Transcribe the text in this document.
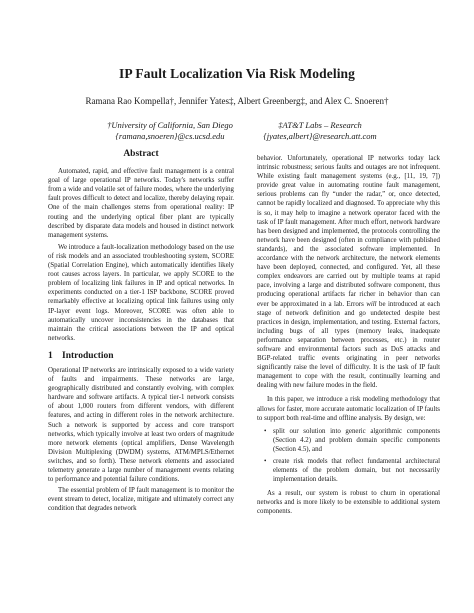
IP Fault Localization Via Risk Modeling
Ramana Rao Kompella†, Jennifer Yates‡, Albert Greenberg‡, and Alex C. Snoeren†
†University of California, San Diego
{ramana,snoeren}@cs.ucsd.edu
‡AT&T Labs – Research
{jyates,albert}@research.att.com
Abstract

Automated, rapid, and effective fault management is a central goal of large operational IP networks. Today's networks suffer from a wide and volatile set of failure modes, where the underlying fault proves difficult to detect and localize, thereby delaying repair. One of the main challenges stems from operational reality: IP routing and the underlying optical fiber plant are typically described by disparate data models and housed in distinct network management systems.

We introduce a fault-localization methodology based on the use of risk models and an associated troubleshooting system, SCORE (Spatial Correlation Engine), which automatically identifies likely root causes across layers. In particular, we apply SCORE to the problem of localizing link failures in IP and optical networks. In experiments conducted on a tier-1 ISP backbone, SCORE proved remarkably effective at localizing optical link failures using only IP-layer event logs. Moreover, SCORE was often able to automatically uncover inconsistencies in the databases that maintain the critical associations between the IP and optical networks.

1 Introduction

Operational IP networks are intrinsically exposed to a wide variety of faults and impairments. These networks are large, geographically distributed and constantly evolving, with complex hardware and software artifacts. A typical tier-1 network consists of about 1,000 routers from different vendors, with different features, and acting in different roles in the network architecture. Such a network is supported by access and core transport networks, which typically involve at least two orders of magnitude more network elements (optical amplifiers, Dense Wavelength Division Multiplexing (DWDM) systems, ATM/MPLS/Ethernet switches, and so forth). These network elements and associated telemetry generate a large number of management events relating to performance and potential failure conditions.

The essential problem of IP fault management is to monitor the event stream to detect, localize, mitigate and ultimately correct any condition that degrades network

behavior. Unfortunately, operational IP networks today lack intrinsic robustness; serious faults and outages are not infrequent. While existing fault management systems (e.g., [11, 19, 7]) provide great value in automating routine fault management, serious problems can fly “under the radar,” or, once detected, cannot be rapidly localized and diagnosed. To appreciate why this is so, it may help to imagine a network operator faced with the task of IP fault management. After much effort, network hardware has been designed and implemented, the protocols controlling the network have been designed (often in compliance with published standards), and the associated software implemented. In accordance with the network architecture, the network elements have been deployed, connected, and configured. Yet, all these complex endeavors are carried out by multiple teams at rapid pace, involving a large and distributed software component, thus producing operational artifacts far richer in behavior than can ever be approximated in a lab. Errors will be introduced at each stage of network definition and go undetected despite best practices in design, implementation, and testing. External factors, including bugs of all types (memory leaks, inadequate performance separation between processes, etc.) in router software and environmental factors such as DoS attacks and BGP-related traffic events originating in peer networks significantly raise the level of difficulty. It is the task of IP fault management to cope with the result, continually learning and dealing with new failure modes in the field.

In this paper, we introduce a risk modeling methodology that allows for faster, more accurate automatic localization of IP faults to support both real-time and offline analysis. By design, we:

• split our solution into generic algorithmic components (Section 4.2) and problem domain specific components (Section 4.5), and
• create risk models that reflect fundamental architectural elements of the problem domain, but not necessarily implementation details.

As a result, our system is robust to churn in operational networks and is more likely to be extensible to additional system components.
